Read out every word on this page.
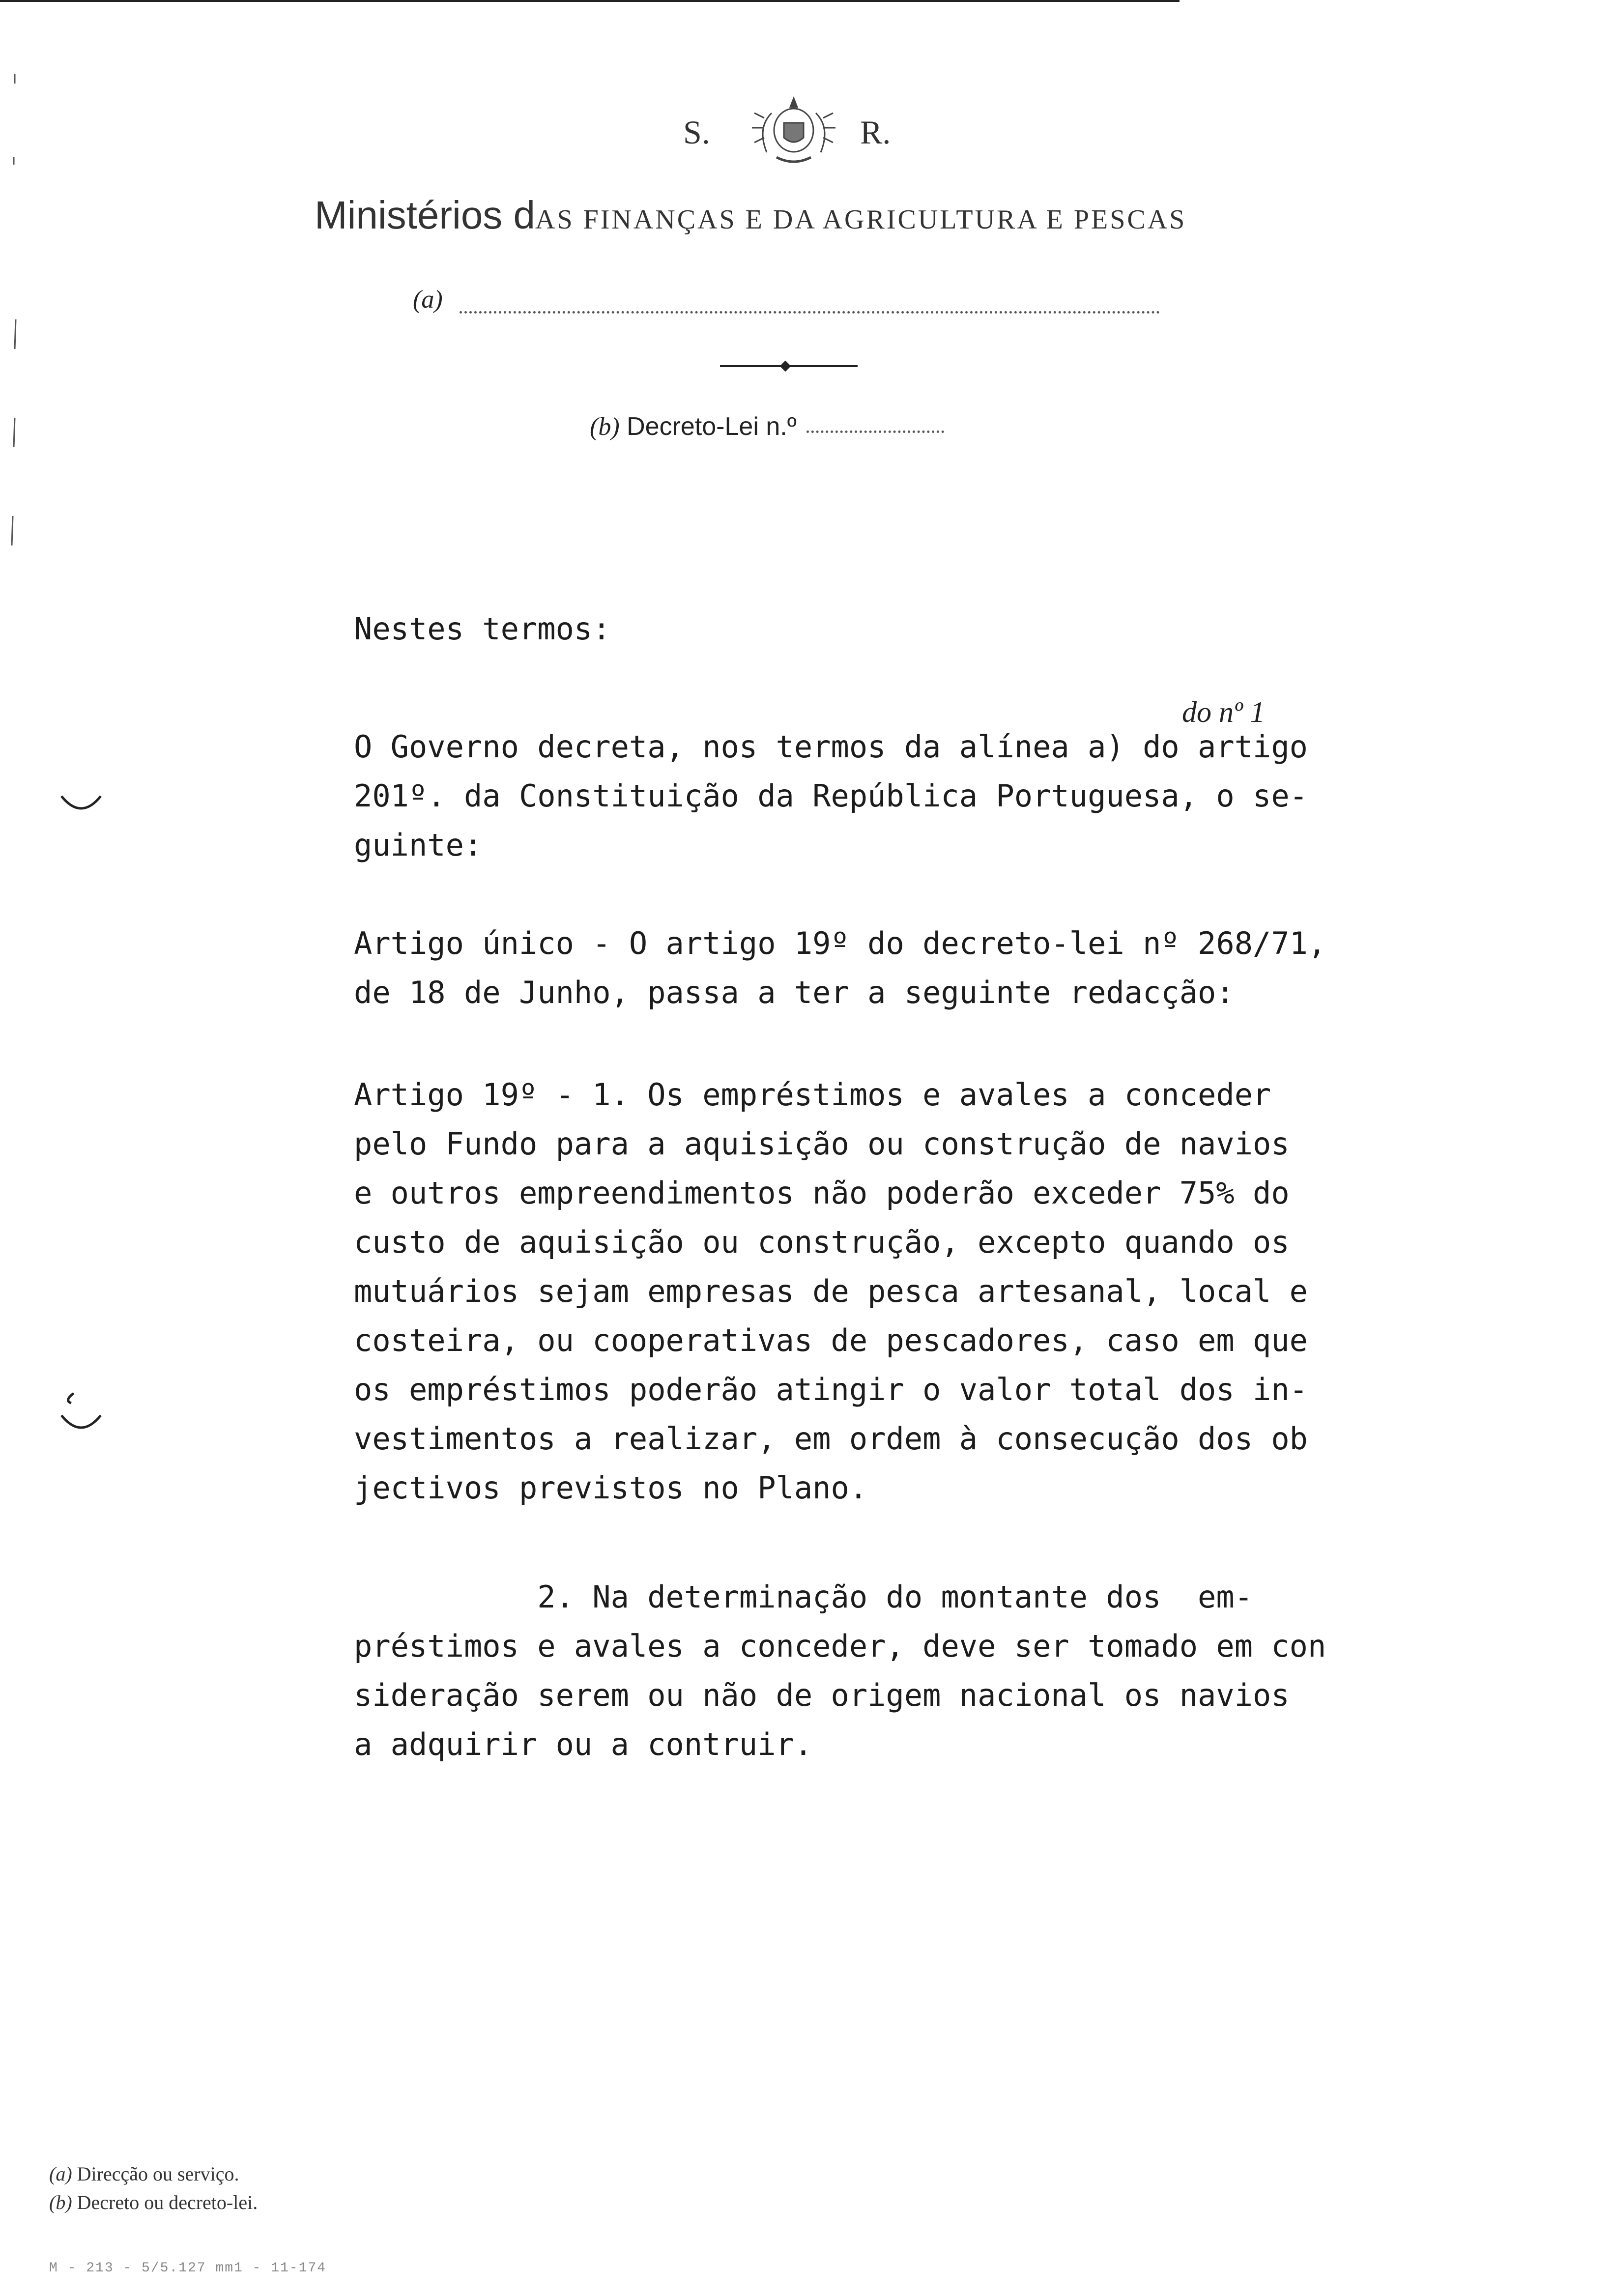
S.	R.
Ministérios dAS FINANÇAS E DA AGRICULTURA E PESCAS
(a)
(b) Decreto-Lei n.º

Nestes termos:

do nº 1

O Governo decreta, nos termos da alínea a) do artigo

201º. da Constituição da República Portuguesa, o se-

guinte:

Artigo único - O artigo 19º do decreto-lei nº 268/71,

de 18 de Junho, passa a ter a seguinte redacção:

Artigo 19º - 1. Os empréstimos e avales a conceder

pelo Fundo para a aquisição ou construção de navios

e outros empreendimentos não poderão exceder 75% do

custo de aquisição ou construção, excepto quando os

mutuários sejam empresas de pesca artesanal, local e

costeira, ou cooperativas de pescadores, caso em que

os empréstimos poderão atingir o valor total dos in-

vestimentos a realizar, em ordem à consecução dos ob

jectivos previstos no Plano.

2. Na determinação do montante dos  em-

préstimos e avales a conceder, deve ser tomado em con

sideração serem ou não de origem nacional os navios

a adquirir ou a contruir.

(a) Direcção ou serviço.

(b) Decreto ou decreto-lei.

M - 213 - 5/5.127 mm1 - 11-174
